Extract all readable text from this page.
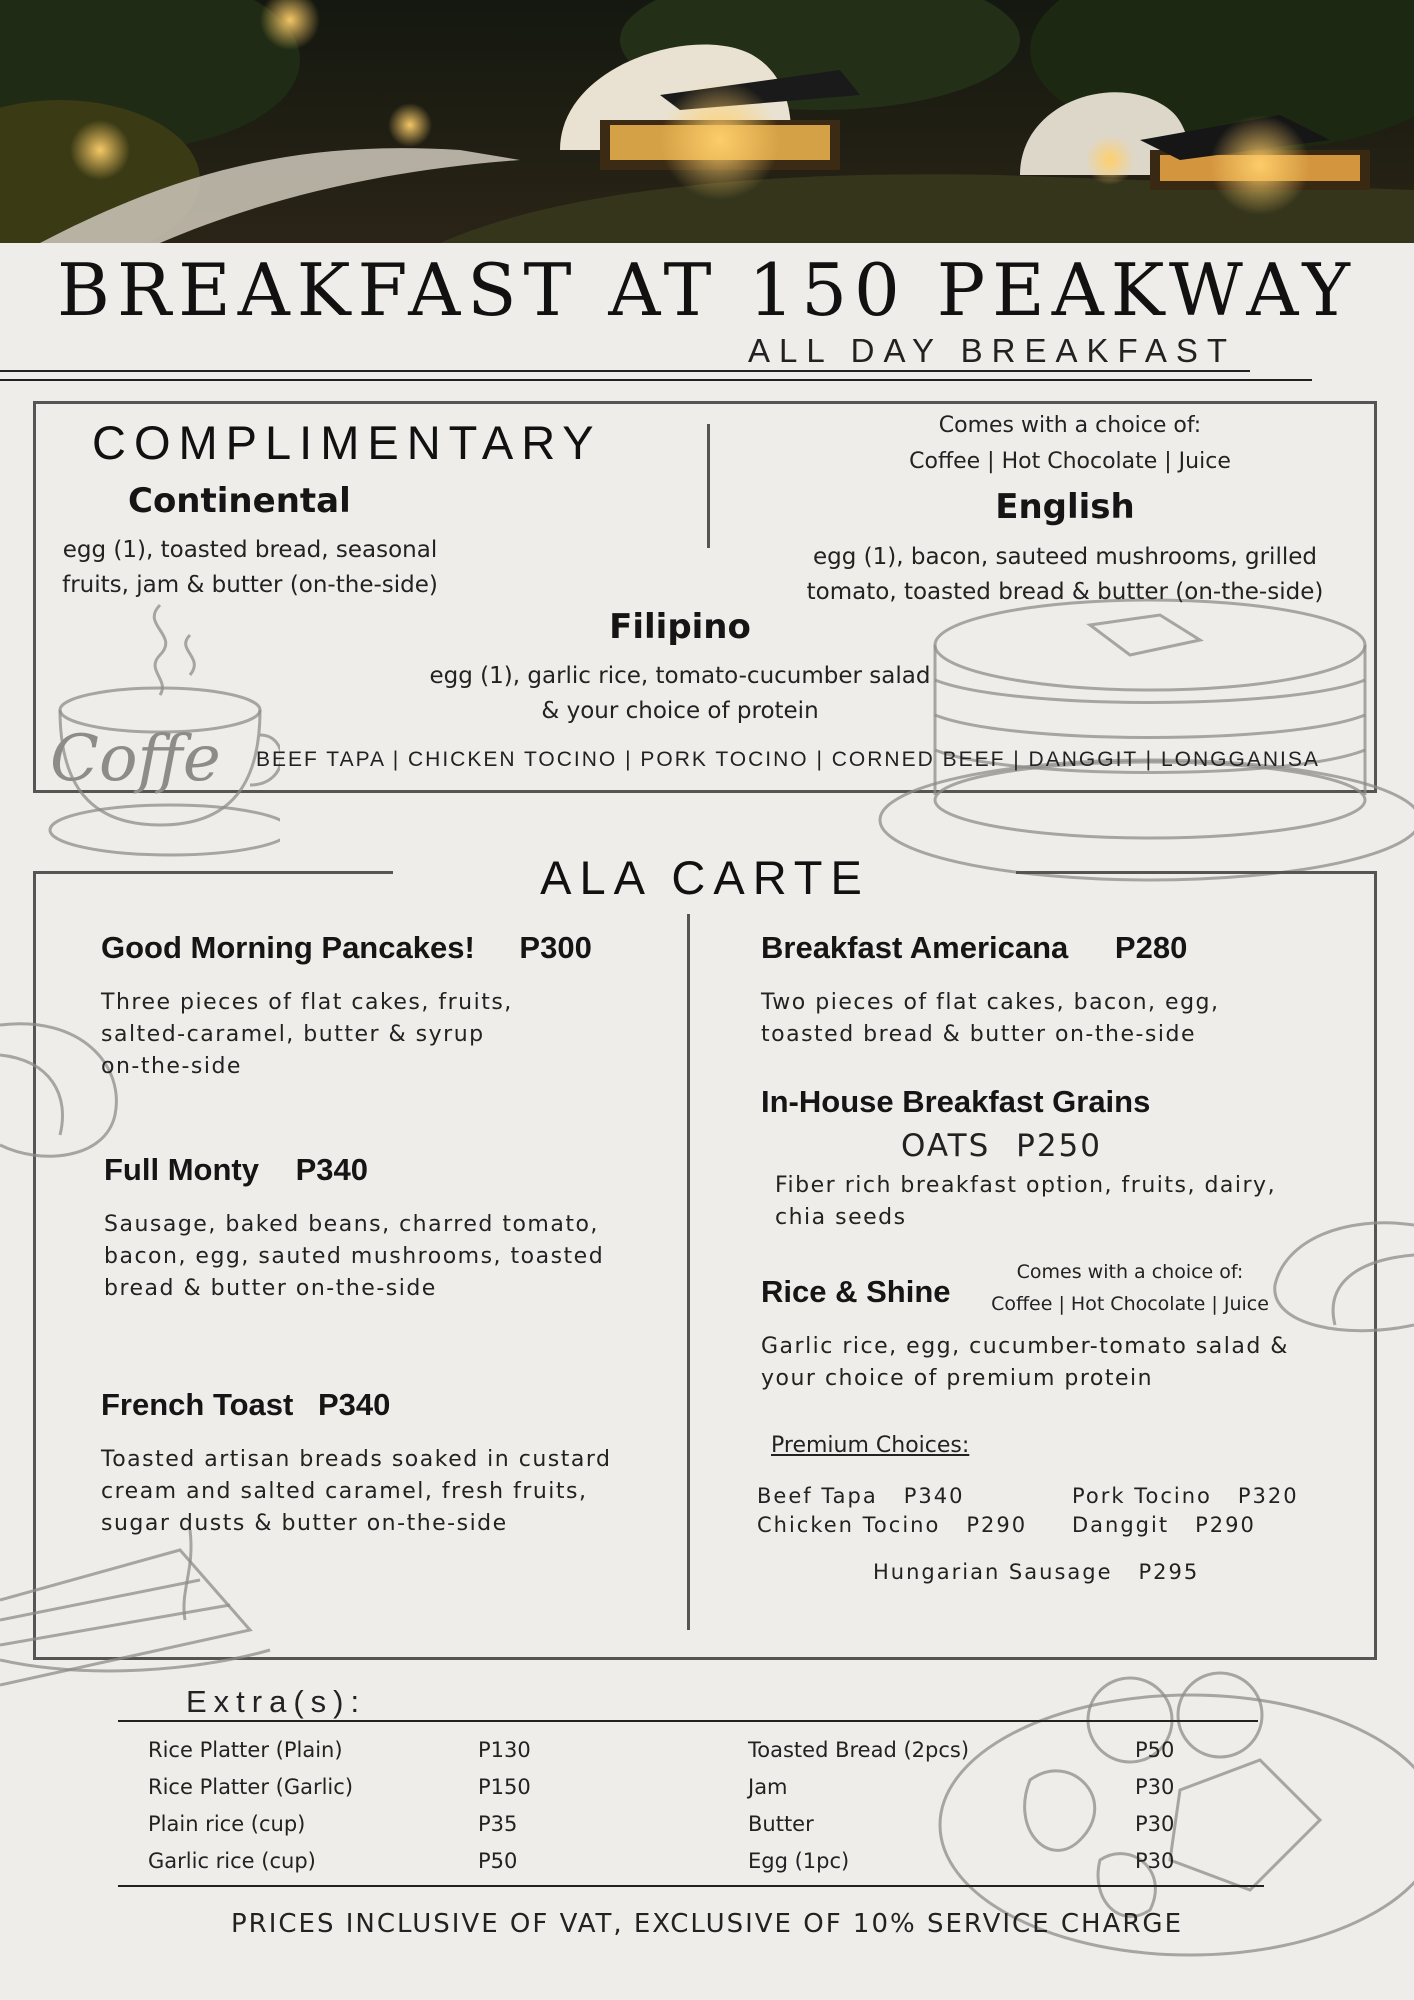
BREAKFAST AT 150 PEAKWAY
ALL DAY BREAKFAST
Coffe
COMPLIMENTARY	Comes with a choice of:
Coffee | Hot Chocolate | Juice
Continental
egg (1), toasted bread, seasonal
fruits, jam & butter (on-the-side)
English
egg (1), bacon, sauteed mushrooms, grilled
tomato, toasted bread & butter (on-the-side)
Filipino
egg (1), garlic rice, tomato-cucumber salad
& your choice of protein
BEEF TAPA | CHICKEN TOCINO | PORK TOCINO | CORNED BEEF | DANGGIT | LONGGANISA
ALA CARTE
Good Morning Pancakes! P300
Three pieces of flat cakes, fruits,
salted-caramel, butter & syrup
on-the-side
Full Monty P340
Sausage, baked beans, charred tomato,
bacon, egg, sauted mushrooms, toasted
bread & butter on-the-side
French Toast P340
Toasted artisan breads soaked in custard
cream and salted caramel, fresh fruits,
sugar dusts & butter on-the-side
Breakfast Americana P280
Two pieces of flat cakes, bacon, egg,
toasted bread & butter on-the-side
In-House Breakfast Grains
OATS P250
Fiber rich breakfast option, fruits, dairy,
chia seeds
Rice & Shine
Comes with a choice of:
Coffee | Hot Chocolate | Juice
Garlic rice, egg, cucumber-tomato salad &
your choice of premium protein
Premium Choices:
Beef Tapa P340	Pork Tocino P320
Chicken Tocino P290 Danggit P290
Hungarian Sausage P295
Extra(s):
Rice Platter (Plain)
Rice Platter (Garlic)
Plain rice (cup)
Garlic rice (cup)
P130
P150
P35
P50
Toasted Bread (2pcs)
Jam
Butter
Egg (1pc)
P50
P30
P30
P30
PRICES INCLUSIVE OF VAT, EXCLUSIVE OF 10% SERVICE CHARGE
